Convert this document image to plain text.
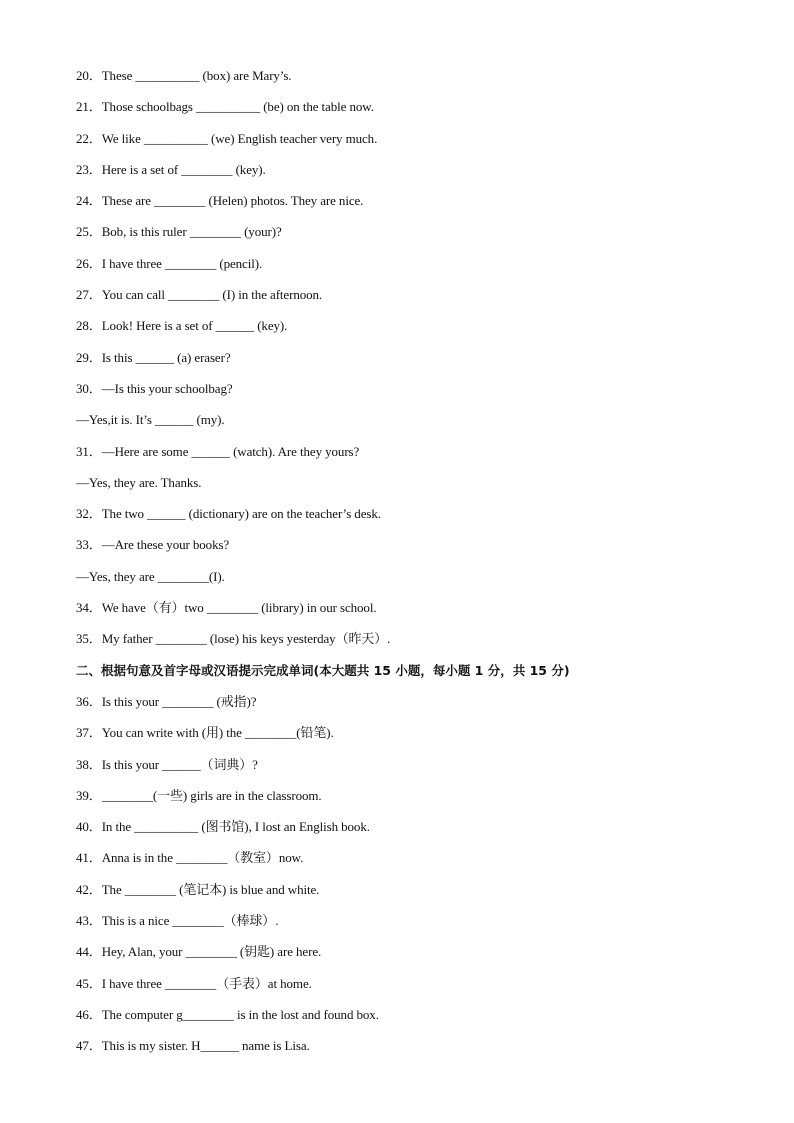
20．These __________ (box) are Mary’s.
21．Those schoolbags __________ (be) on the table now.
22．We like __________ (we) English teacher very much.
23．Here is a set of ________ (key).
24．These are ________ (Helen) photos. They are nice.
25．Bob, is this ruler ________ (your)?
26．I have three ________ (pencil).
27．You can call ________ (I) in the afternoon.
28．Look! Here is a set of ______ (key).
29．Is this ______ (a) eraser?
30．—Is this your schoolbag?
—Yes,it is. It’s ______ (my).
31．—Here are some ______ (watch). Are they yours?
—Yes, they are. Thanks.
32．The two ______ (dictionary) are on the teacher’s desk.
33．—Are these your books?
—Yes, they are ________(I).
34．We have（有）two ________ (library) in our school.
35．My father ________ (lose) his keys yesterday（昨天）.
二、根据句意及首字母或汉语提示完成单词(本大题共 15 小题，每小题 1 分，共 15 分)
36．Is this your ________ (戒指)?
37．You can write with (用) the ________(铅笔).
38．Is this your ______（词典）?
39．________(一些) girls are in the classroom.
40．In the __________ (图书馆), I lost an English book.
41．Anna is in the ________（教室）now.
42．The ________ (笔记本) is blue and white.
43．This is a nice ________（棒球）.
44．Hey, Alan, your ________ (钥匙) are here.
45．I have three ________（手表）at home.
46．The computer g________ is in the lost and found box.
47．This is my sister. H______ name is Lisa.
